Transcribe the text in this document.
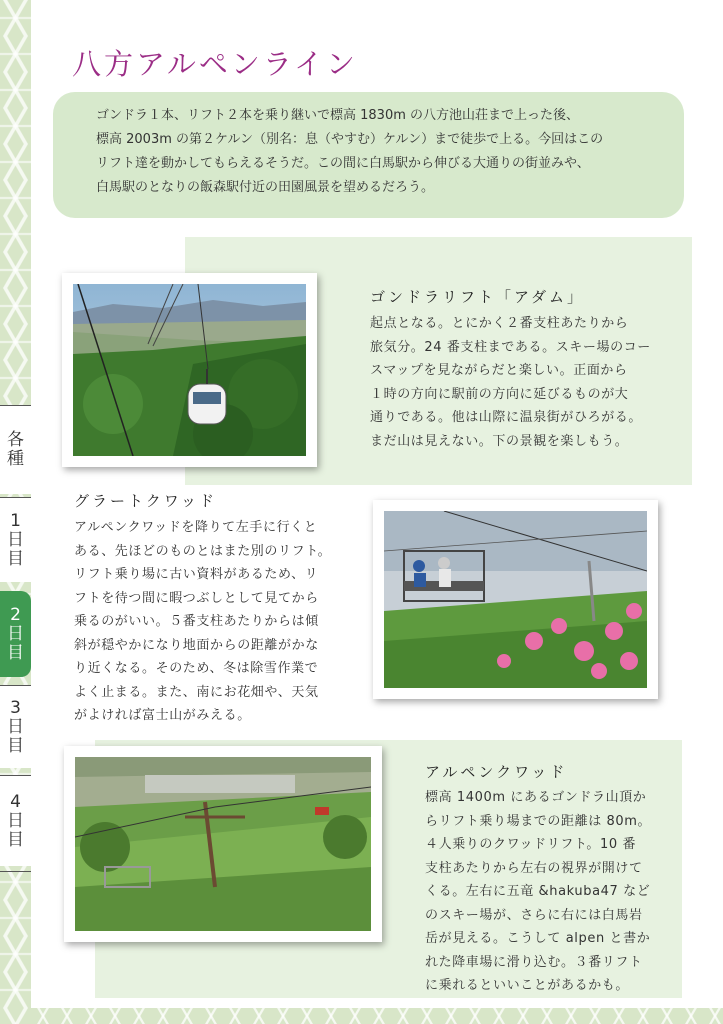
各種
1日目
2日目
3日目
4日目
八方アルペンライン

ゴンドラ１本、リフト２本を乗り継いで標高 1830m の八方池山荘まで上った後、
標高 2003m の第２ケルン（別名：息（やすむ）ケルン）まで徒歩で上る。今回はこの
リフト達を動かしてもらえるそうだ。この間に白馬駅から伸びる大通りの街並みや、
白馬駅のとなりの飯森駅付近の田園風景を望めるだろう。

ゴンドラリフト「アダム」

起点となる。とにかく２番支柱あたりから
旅気分。24 番支柱まである。スキー場のコー
スマップを見ながらだと楽しい。正面から
１時の方向に駅前の方向に延びるものが大
通りである。他は山際に温泉街がひろがる。
まだ山は見えない。下の景観を楽しもう。

グラートクワッド

アルペンクワッドを降りて左手に行くと
ある、先ほどのものとはまた別のリフト。
リフト乗り場に古い資料があるため、リ
フトを待つ間に暇つぶしとして見てから
乗るのがいい。５番支柱あたりからは傾
斜が穏やかになり地面からの距離がかな
り近くなる。そのため、冬は除雪作業で
よく止まる。また、南にお花畑や、天気
がよければ富士山がみえる。

アルペンクワッド

標高 1400m にあるゴンドラ山頂か
らリフト乗り場までの距離は 80m。
４人乗りのクワッドリフト。10 番
支柱あたりから左右の視界が開けて
くる。左右に五竜 &hakuba47 など
のスキー場が、さらに右には白馬岩
岳が見える。こうして alpen と書か
れた降車場に滑り込む。３番リフト
に乗れるといいことがあるかも。
